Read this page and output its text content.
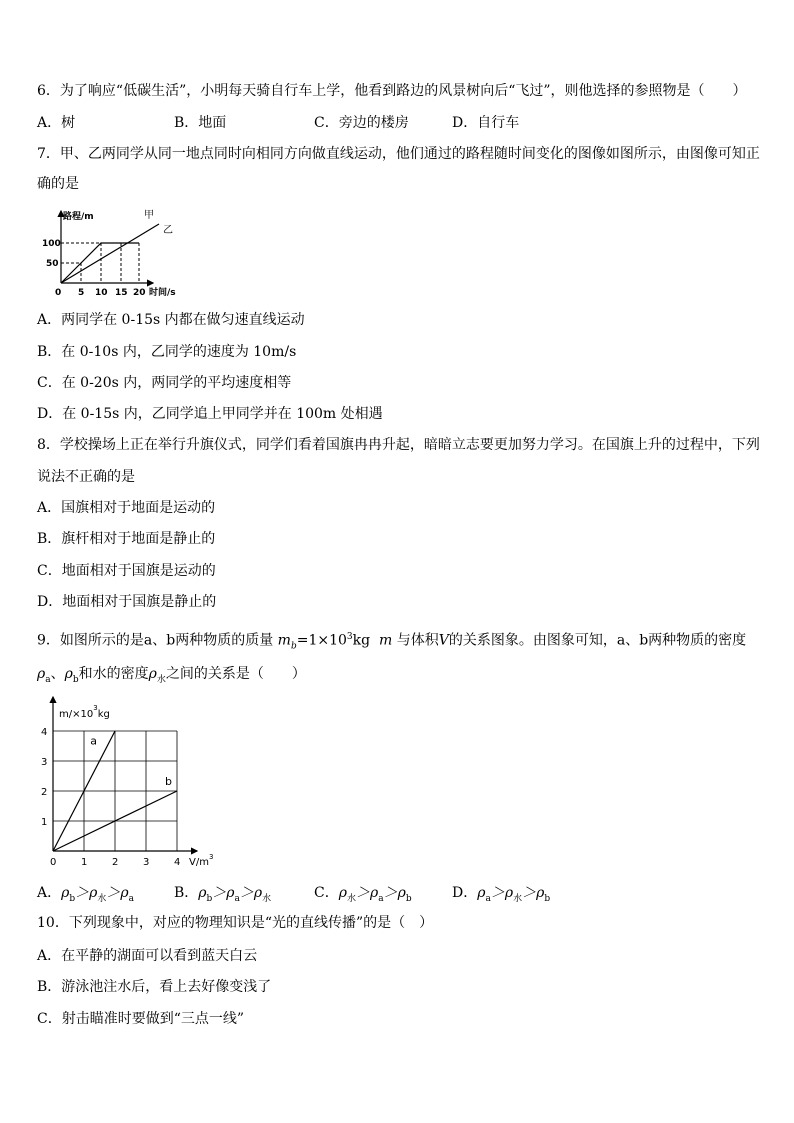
6．为了响应“低碳生活”，小明每天骑自行车上学，他看到路边的风景树向后“飞过”，则他选择的参照物是（　　）
A．树	B．地面	C．旁边的楼房	D．自行车
7．甲、乙两同学从同一地点同时向相同方向做直线运动，他们通过的路程随时间变化的图像如图所示，由图像可知正
确的是
路程/m	甲
乙
100
50
0 5 10 15 20 时间/s
A．两同学在 0-15s 内都在做匀速直线运动
B．在 0-10s 内，乙同学的速度为 10m/s
C．在 0-20s 内，两同学的平均速度相等
D．在 0-15s 内，乙同学追上甲同学并在 100m 处相遇
8．学校操场上正在举行升旗仪式，同学们看着国旗冉冉升起，暗暗立志要更加努力学习。在国旗上升的过程中，下列
说法不正确的是
A．国旗相对于地面是运动的
B．旗杆相对于地面是静止的
C．地面相对于国旗是运动的
D．地面相对于国旗是静止的
9．如图所示的是a、b两种物质的质量 $m_b=1\times 10^3kg$ m 与体积V的关系图象。由图象可知，a、b两种物质的密度
$\rho_a$、$\rho_b$和水的密度$\rho_水$之间的关系是（　　）
a
b
0 1 2 3 4
1
2
3
4
$m/\times 10^3kg$
$V/m^3$
A．$\rho_b>\rho_水>\rho_a$	B．$\rho_b>\rho_a>\rho_水$	C．$\rho_水>\rho_a>\rho_b$	D．$\rho_a>\rho_水>\rho_b$
10．下列现象中，对应的物理知识是“光的直线传播”的是（　）
A．在平静的湖面可以看到蓝天白云
B．游泳池注水后，看上去好像变浅了
C．射击瞄准时要做到“三点一线”
